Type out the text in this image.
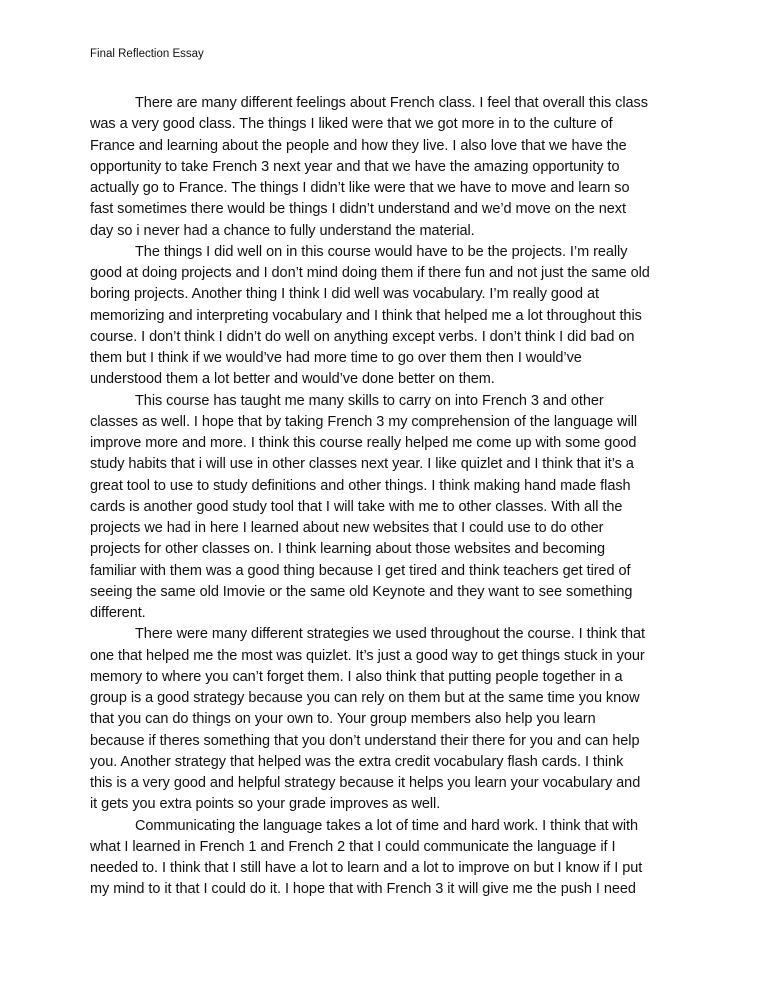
Final Reflection Essay
There are many different feelings about French class. I feel that overall this class
was a very good class. The things I liked were that we got more in to the culture of
France and learning about the people and how they live. I also love that we have the
opportunity to take French 3 next year and that we have the amazing opportunity to
actually go to France. The things I didn’t like were that we have to move and learn so
fast sometimes there would be things I didn’t understand and we’d move on the next
day so i never had a chance to fully understand the material.
The things I did well on in this course would have to be the projects. I’m really
good at doing projects and I don’t mind doing them if there fun and not just the same old
boring projects. Another thing I think I did well was vocabulary. I’m really good at
memorizing and interpreting vocabulary and I think that helped me a lot throughout this
course. I don’t think I didn’t do well on anything except verbs. I don’t think I did bad on
them but I think if we would’ve had more time to go over them then I would’ve
understood them a lot better and would’ve done better on them.
This course has taught me many skills to carry on into French 3 and other
classes as well. I hope that by taking French 3 my comprehension of the language will
improve more and more. I think this course really helped me come up with some good
study habits that i will use in other classes next year. I like quizlet and I think that it’s a
great tool to use to study definitions and other things. I think making hand made flash
cards is another good study tool that I will take with me to other classes. With all the
projects we had in here I learned about new websites that I could use to do other
projects for other classes on. I think learning about those websites and becoming
familiar with them was a good thing because I get tired and think teachers get tired of
seeing the same old Imovie or the same old Keynote and they want to see something
different.
There were many different strategies we used throughout the course. I think that
one that helped me the most was quizlet. It’s just a good way to get things stuck in your
memory to where you can’t forget them. I also think that putting people together in a
group is a good strategy because you can rely on them but at the same time you know
that you can do things on your own to. Your group members also help you learn
because if theres something that you don’t understand their there for you and can help
you. Another strategy that helped was the extra credit vocabulary flash cards. I think
this is a very good and helpful strategy because it helps you learn your vocabulary and
it gets you extra points so your grade improves as well.
Communicating the language takes a lot of time and hard work. I think that with
what I learned in French 1 and French 2 that I could communicate the language if I
needed to. I think that I still have a lot to learn and a lot to improve on but I know if I put
my mind to it that I could do it. I hope that with French 3 it will give me the push I need
